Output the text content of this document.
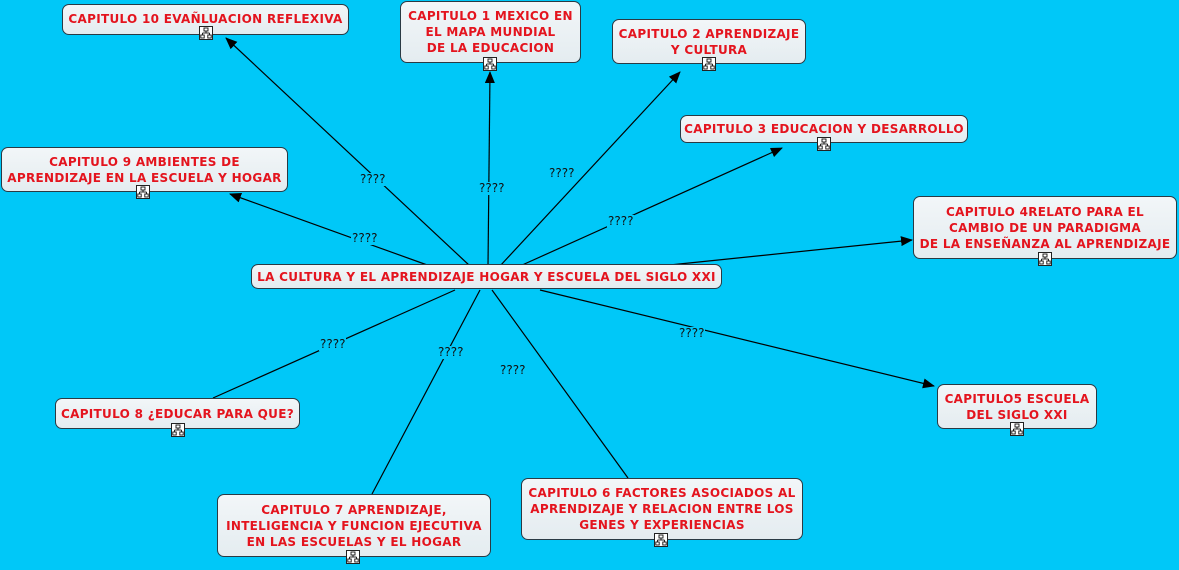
????
????
????
????
????
????
????
????
????
LA CULTURA Y EL APRENDIZAJE HOGAR Y ESCUELA DEL SIGLO XXI
CAPITULO 10 EVAÑLUACION REFLEXIVA	CAPITULO 1 MEXICO EN
EL MAPA MUNDIAL
DE LA EDUCACION
CAPITULO 2 APRENDIZAJE
Y CULTURA
CAPITULO 3 EDUCACION Y DESARROLLO
CAPITULO 4RELATO PARA EL
CAMBIO DE UN PARADIGMA
DE LA ENSEÑANZA AL APRENDIZAJE
CAPITULO 9 AMBIENTES DE
APRENDIZAJE EN LA ESCUELA Y HOGAR
CAPITULO 8 ¿EDUCAR PARA QUE?
CAPITULO5 ESCUELA
DEL SIGLO XXI
CAPITULO 7 APRENDIZAJE,
INTELIGENCIA Y FUNCION EJECUTIVA
EN LAS ESCUELAS Y EL HOGAR
CAPITULO 6 FACTORES ASOCIADOS AL
APRENDIZAJE Y RELACION ENTRE LOS
GENES Y EXPERIENCIAS
